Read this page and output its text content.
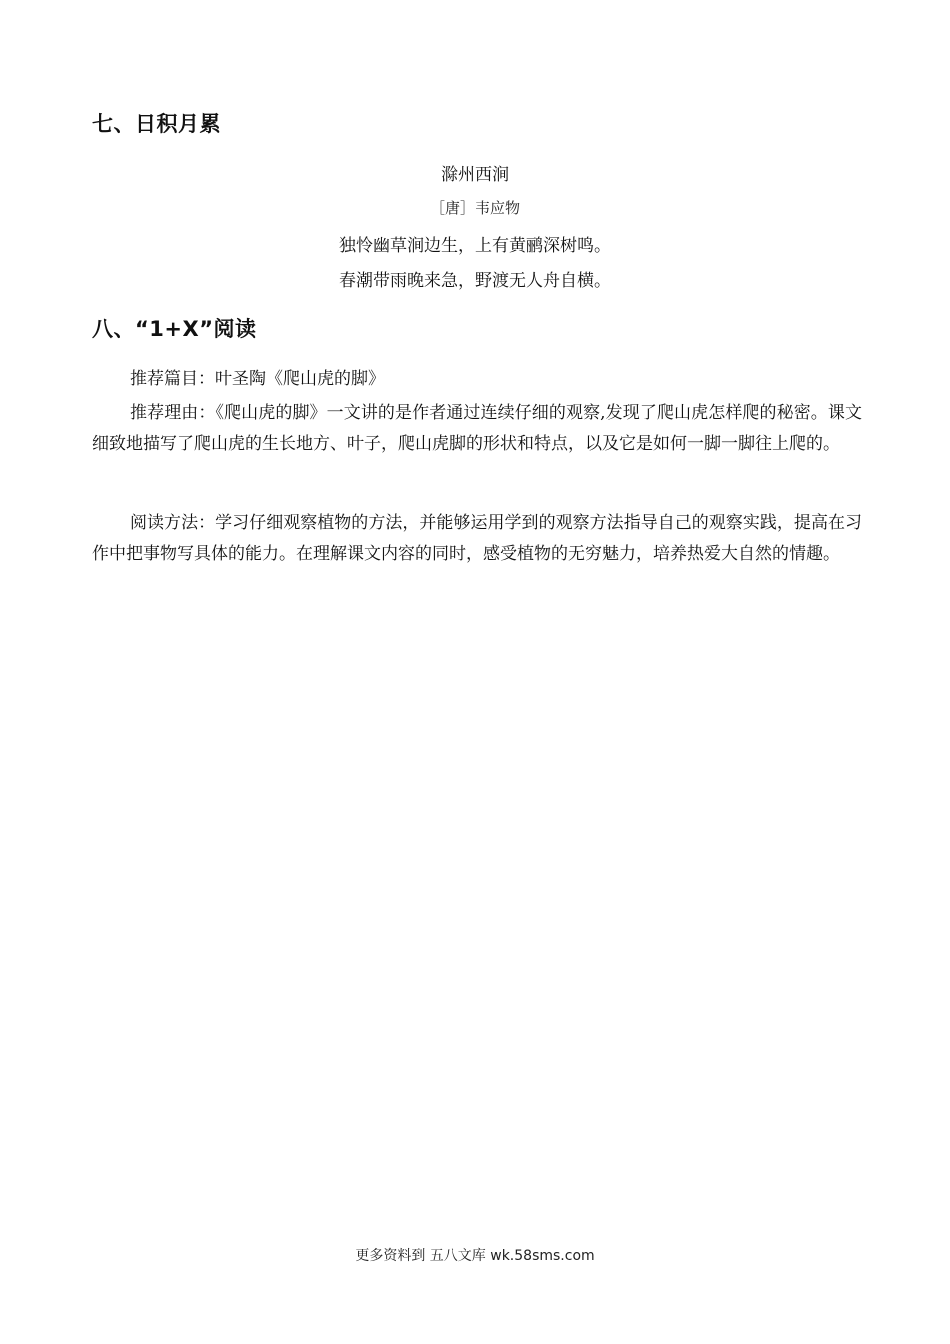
七、日积月累
滁州西涧
［唐］韦应物
独怜幽草涧边生，上有黄鹂深树鸣。
春潮带雨晚来急，野渡无人舟自横。
八、“1+X”阅读
推荐篇目：叶圣陶《爬山虎的脚》
推荐理由：《爬山虎的脚》一文讲的是作者通过连续仔细的观察,发现了爬山虎怎样爬的秘密。课文细致地描写了爬山虎的生长地方、叶子，爬山虎脚的形状和特点，以及它是如何一脚一脚往上爬的。
阅读方法：学习仔细观察植物的方法，并能够运用学到的观察方法指导自己的观察实践，提高在习作中把事物写具体的能力。在理解课文内容的同时，感受植物的无穷魅力，培养热爱大自然的情趣。
更多资料到 五八文库 wk.58sms.com
